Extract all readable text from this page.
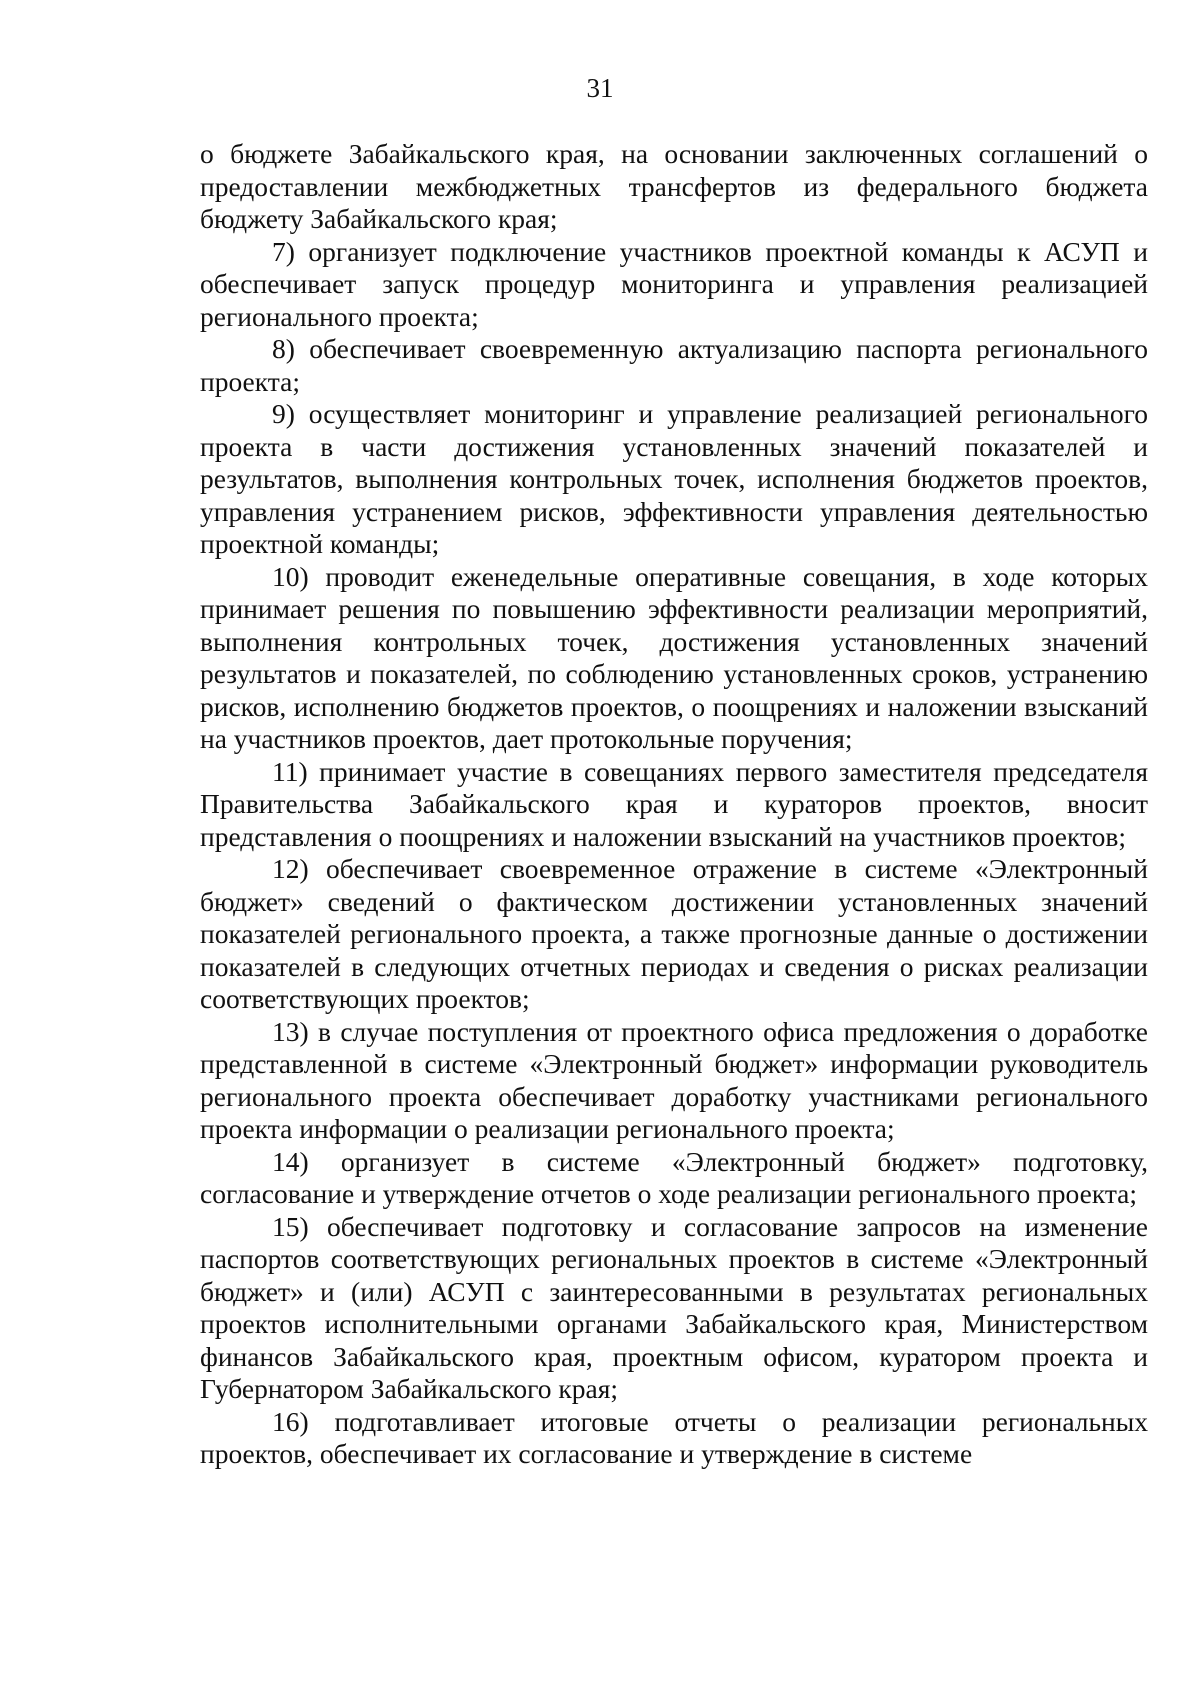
31

о бюджете Забайкальского края, на основании заключенных соглашений о предоставлении межбюджетных трансфертов из федерального бюджета бюджету Забайкальского края;

7) организует подключение участников проектной команды к АСУП и обеспечивает запуск процедур мониторинга и управления реализацией регионального проекта;

8) обеспечивает своевременную актуализацию паспорта регионального проекта;

9) осуществляет мониторинг и управление реализацией регионального проекта в части достижения установленных значений показателей и результатов, выполнения контрольных точек, исполнения бюджетов проектов, управления устранением рисков, эффективности управления деятельностью проектной команды;

10) проводит еженедельные оперативные совещания, в ходе которых принимает решения по повышению эффективности реализации мероприятий, выполнения контрольных точек, достижения установленных значений результатов и показателей, по соблюдению установленных сроков, устранению рисков, исполнению бюджетов проектов, о поощрениях и наложении взысканий на участников проектов, дает протокольные поручения;

11) принимает участие в совещаниях первого заместителя председателя Правительства Забайкальского края и кураторов проектов, вносит представления о поощрениях и наложении взысканий на участников проектов;

12) обеспечивает своевременное отражение в системе «Электронный бюджет» сведений о фактическом достижении установленных значений показателей регионального проекта, а также прогнозные данные о достижении показателей в следующих отчетных периодах и сведения о рисках реализации соответствующих проектов;

13) в случае поступления от проектного офиса предложения о доработке представленной в системе «Электронный бюджет» информации руководитель регионального проекта обеспечивает доработку участниками регионального проекта информации о реализации регионального проекта;

14) организует в системе «Электронный бюджет» подготовку, согласование и утверждение отчетов о ходе реализации регионального проекта;

15) обеспечивает подготовку и согласование запросов на изменение паспортов соответствующих региональных проектов в системе «Электронный бюджет» и (или) АСУП с заинтересованными в результатах региональных проектов исполнительными органами Забайкальского края, Министерством финансов Забайкальского края, проектным офисом, куратором проекта и Губернатором Забайкальского края;

16) подготавливает итоговые отчеты о реализации региональных проектов, обеспечивает их согласование и утверждение в системе
